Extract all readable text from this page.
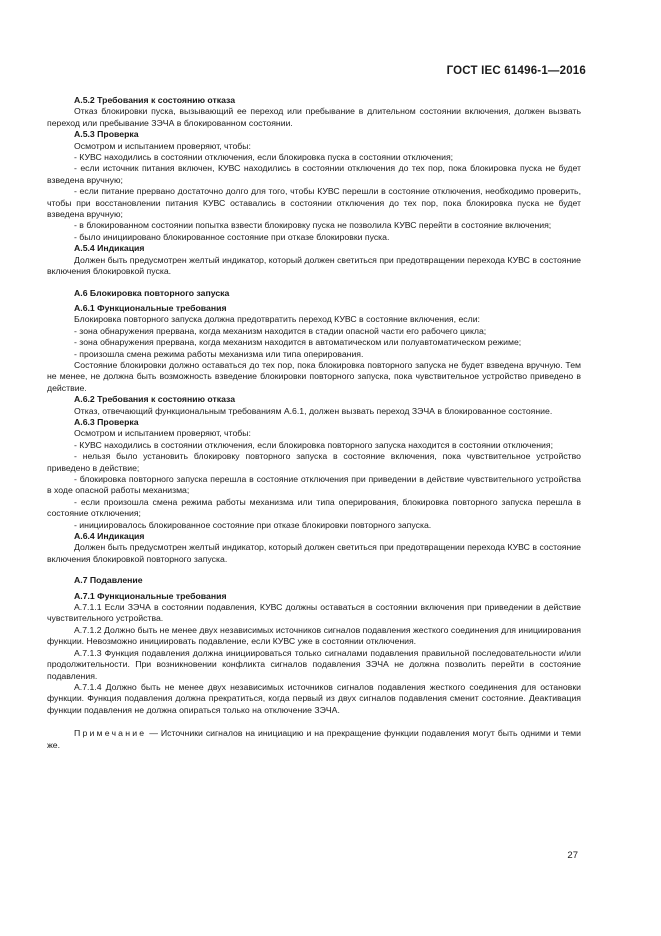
ГОСТ IEC 61496-1—2016

А.5.2 Требования к состоянию отказа

Отказ блокировки пуска, вызывающий ее переход или пребывание в длительном состоянии включения, должен вызвать переход или пребывание ЗЭЧА в блокированном состоянии.

А.5.3 Проверка

Осмотром и испытанием проверяют, чтобы:

- КУВС находились в состоянии отключения, если блокировка пуска в состоянии отключения;

- если источник питания включен, КУВС находились в состоянии отключения до тех пор, пока блокировка пуска не будет взведена вручную;

- если питание прервано достаточно долго для того, чтобы КУВС перешли в состояние отключения, необходимо проверить, чтобы при восстановлении питания КУВС оставались в состоянии отключения до тех пор, пока блокировка пуска не будет взведена вручную;

- в блокированном состоянии попытка взвести блокировку пуска не позволила КУВС перейти в состояние включения;

- было инициировано блокированное состояние при отказе блокировки пуска.

А.5.4 Индикация

Должен быть предусмотрен желтый индикатор, который должен светиться при предотвращении перехода КУВС в состояние включения блокировкой пуска.

А.6 Блокировка повторного запуска

А.6.1 Функциональные требования

Блокировка повторного запуска должна предотвратить переход КУВС в состояние включения, если:

- зона обнаружения прервана, когда механизм находится в стадии опасной части его рабочего цикла;

- зона обнаружения прервана, когда механизм находится в автоматическом или полуавтоматическом режиме;

- произошла смена режима работы механизма или типа оперирования.

Состояние блокировки должно оставаться до тех пор, пока блокировка повторного запуска не будет взведена вручную. Тем не менее, не должна быть возможность взведение блокировки повторного запуска, пока чувствительное устройство приведено в действие.

А.6.2 Требования к состоянию отказа

Отказ, отвечающий функциональным требованиям А.6.1, должен вызвать переход ЗЭЧА в блокированное состояние.

А.6.3 Проверка

Осмотром и испытанием проверяют, чтобы:

- КУВС находились в состоянии отключения, если блокировка повторного запуска находится в состоянии отключения;

- нельзя было установить блокировку повторного запуска в состояние включения, пока чувствительное устройство приведено в действие;

- блокировка повторного запуска перешла в состояние отключения при приведении в действие чувствительного устройства в ходе опасной работы механизма;

- если произошла смена режима работы механизма или типа оперирования, блокировка повторного запуска перешла в состояние отключения;

- инициировалось блокированное состояние при отказе блокировки повторного запуска.

А.6.4 Индикация

Должен быть предусмотрен желтый индикатор, который должен светиться при предотвращении перехода КУВС в состояние включения блокировкой повторного запуска.

А.7 Подавление

А.7.1 Функциональные требования

А.7.1.1 Если ЗЭЧА в состоянии подавления, КУВС должны оставаться в состоянии включения при приведении в действие чувствительного устройства.

А.7.1.2 Должно быть не менее двух независимых источников сигналов подавления жесткого соединения для инициирования функции. Невозможно инициировать подавление, если КУВС уже в состоянии отключения.

А.7.1.3 Функция подавления должна инициироваться только сигналами подавления правильной последовательности и/или продолжительности. При возникновении конфликта сигналов подавления ЗЭЧА не должна позволить перейти в состояние подавления.

А.7.1.4 Должно быть не менее двух независимых источников сигналов подавления жесткого соединения для остановки функции. Функция подавления должна прекратиться, когда первый из двух сигналов подавления сменит состояние. Деактивация функции подавления не должна опираться только на отключение ЗЭЧА.

Примечание — Источники сигналов на инициацию и на прекращение функции подавления могут быть одними и теми же.

27
